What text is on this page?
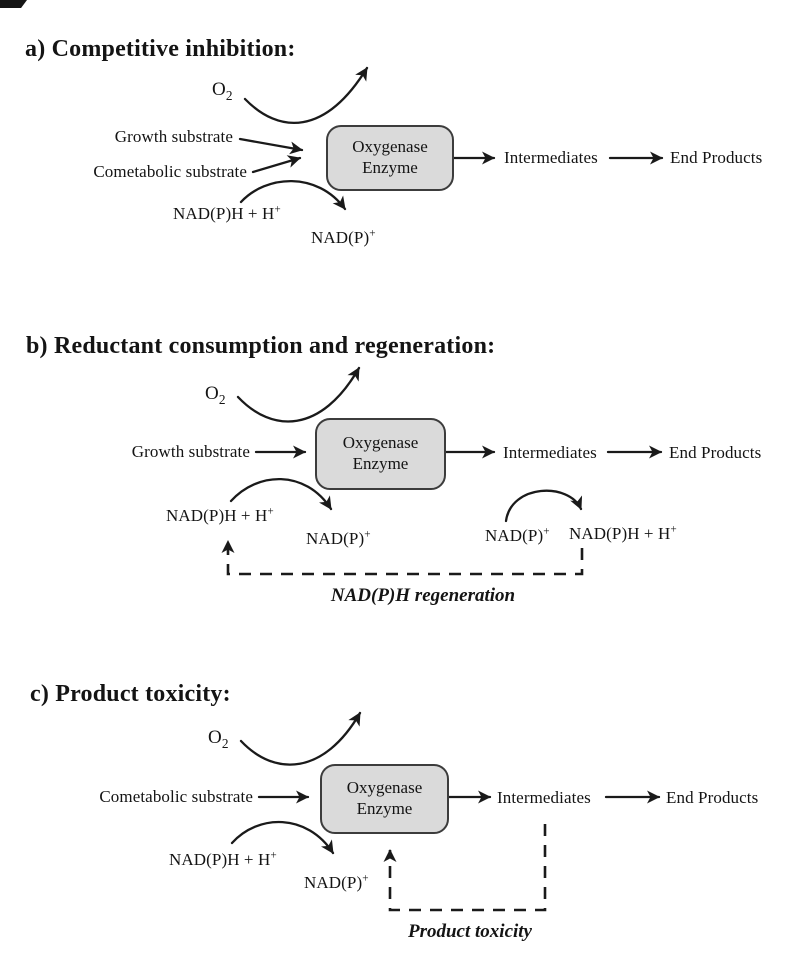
a) Competitive inhibition:
$O_2$
Growth substrate
Cometabolic substrate
Oxygenase
Enzyme
NAD(P)H + H+
NAD(P)+
Intermediates	End Products
b) Reductant consumption and regeneration:
$O_2$
Growth substrate	Oxygenase
Enzyme
NAD(P)H + H+
NAD(P)+
Intermediates	End Products
NAD(P)+ NAD(P)H + H+
NAD(P)H regeneration
c) Product toxicity:
$O_2$
Cometabolic substrate	Oxygenase
Enzyme
NAD(P)H + H+
NAD(P)+
Intermediates	End Products
Product toxicity
